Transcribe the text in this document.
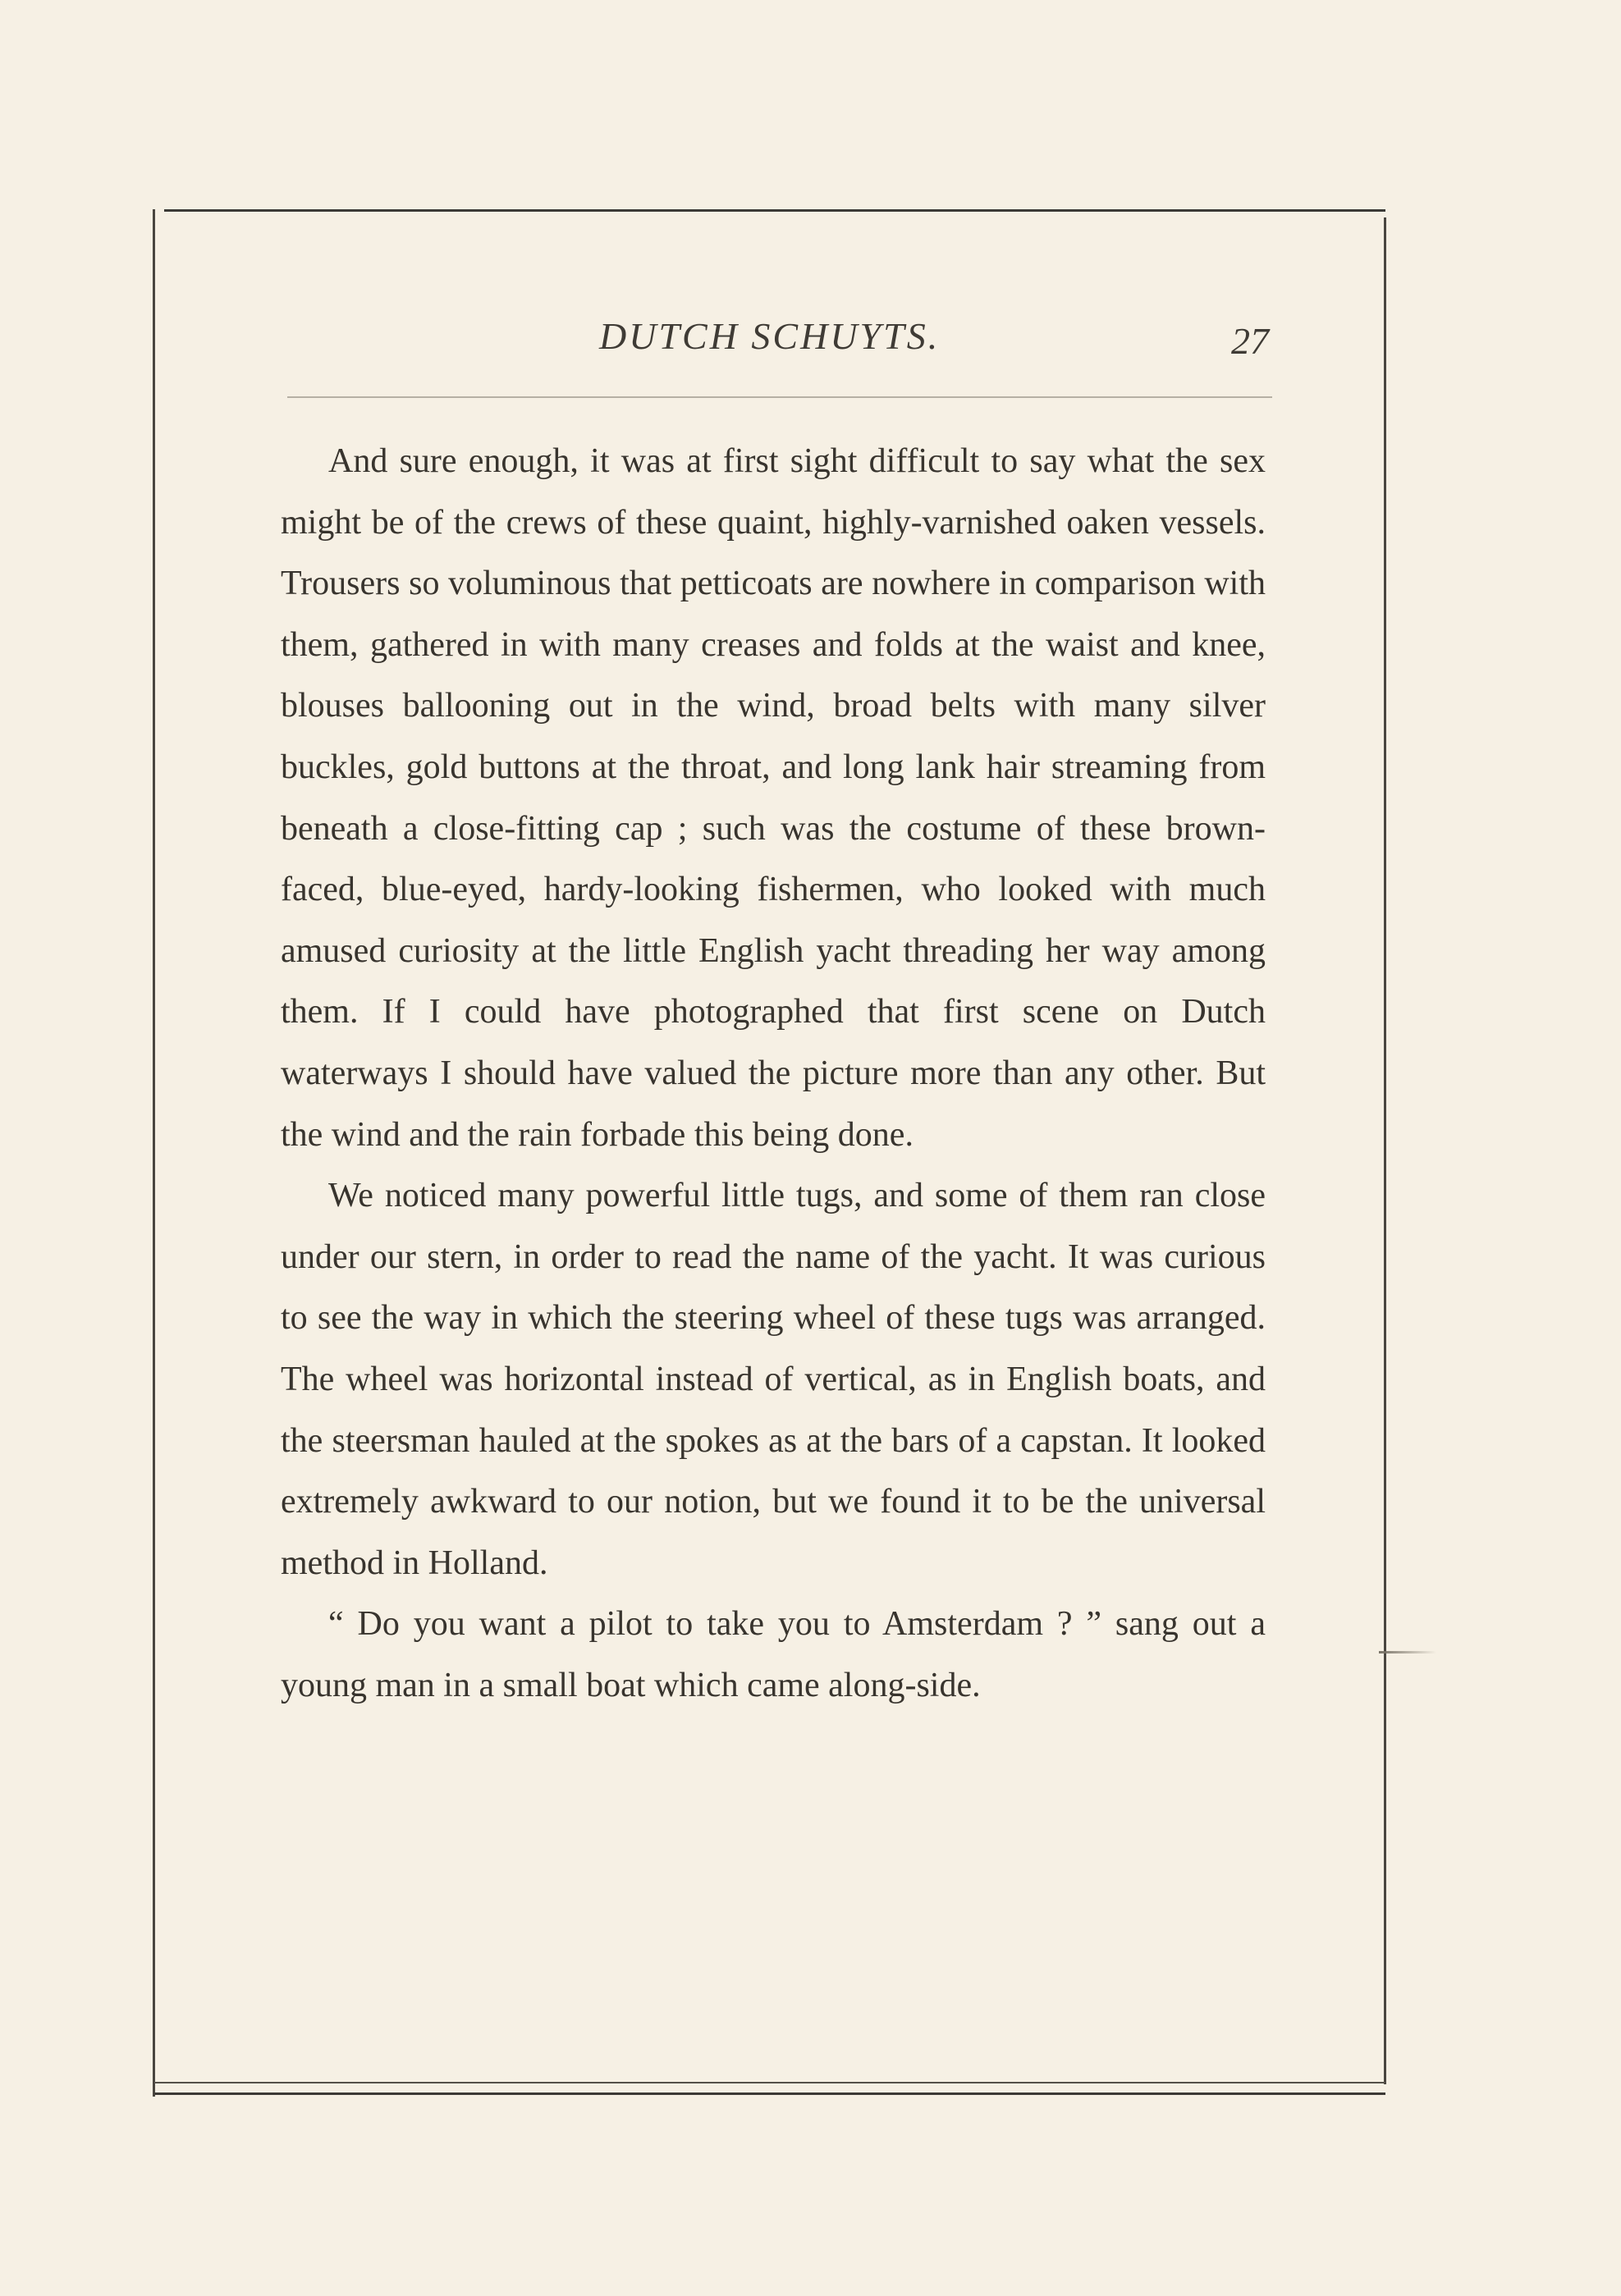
DUTCH SCHUYTS.	27

And sure enough, it was at first sight difficult to say what the sex might be of the crews of these quaint, highly-varnished oaken vessels. Trousers so voluminous that petticoats are nowhere in comparison with them, gathered in with many creases and folds at the waist and knee, blouses ballooning out in the wind, broad belts with many silver buckles, gold buttons at the throat, and long lank hair streaming from beneath a close-fitting cap ; such was the costume of these brown-faced, blue-eyed, hardy-looking fishermen, who looked with much amused curiosity at the little English yacht threading her way among them. If I could have photographed that first scene on Dutch waterways I should have valued the picture more than any other. But the wind and the rain forbade this being done.

We noticed many powerful little tugs, and some of them ran close under our stern, in order to read the name of the yacht. It was curious to see the way in which the steering wheel of these tugs was arranged. The wheel was horizontal instead of vertical, as in English boats, and the steersman hauled at the spokes as at the bars of a capstan. It looked extremely awkward to our notion, but we found it to be the universal method in Holland.

“ Do you want a pilot to take you to Amsterdam ? ” sang out a young man in a small boat which came along-side.
